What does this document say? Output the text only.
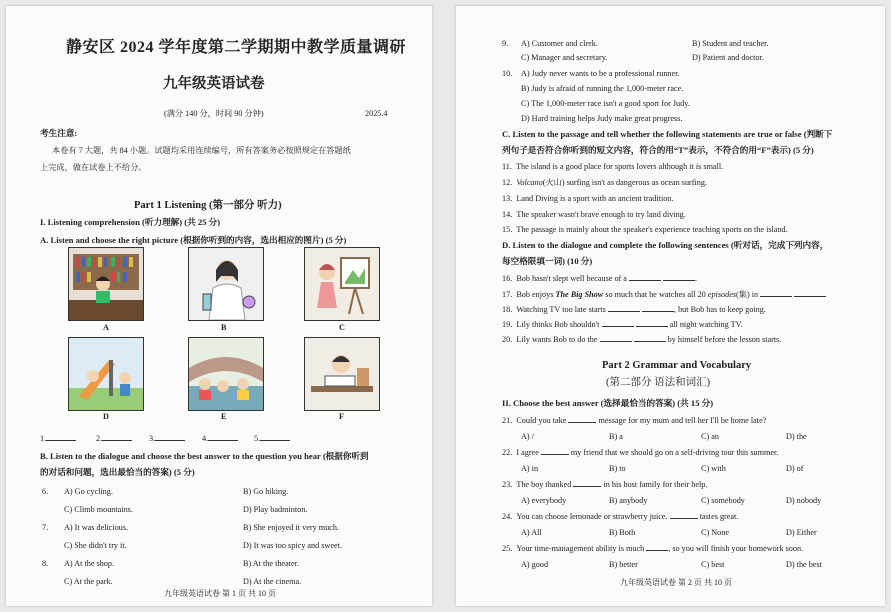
静安区 2024 学年度第二学期期中教学质量调研
九年级英语试卷
(满分 140 分，时间 90 分钟)	2025.4
考生注意:
本卷有 7 大题，共 84 小题。试题均采用连续编号，所有答案务必按照规定在答题纸
上完成，做在试卷上不给分。
Part 1 Listening (第一部分 听力)
I. Listening comprehension (听力理解) (共 25 分)
A. Listen and choose the right picture (根据你听到的内容，选出相应的图片) (5 分)
A	B	C
D	E	F
1.	2.	3.	4.	5.
B. Listen to the dialogue and choose the best answer to the question you hear (根据你听到
的对话和问题，选出最恰当的答案) (5 分)
6. A) Go cycling.	B) Go hiking.
C) Climb mountains.	D) Play badminton.
7. A) It was delicious.	B) She enjoyed it very much.
C) She didn't try it.	D) It was too spicy and sweet.
8. A) At the shop.	B) At the theater.
C) At the park.	D) At the cinema.
九年级英语试卷 第 1 页 共 10 页
9. A) Customer and clerk.	B) Student and teacher.
C) Manager and secretary.	D) Patient and doctor.
10. A) Judy never wants to be a professional runner.
B) Judy is afraid of running the 1,000-meter race.
C) The 1,000-meter race isn't a good sport for Judy.
D) Hard training helps Judy make great progress.
C. Listen to the passage and tell whether the following statements are true or false (判断下
列句子是否符合你听到的短文内容，符合的用“T”表示，不符合的用“F”表示) (5 分)
11. The island is a good place for sports lovers although it is small.
12. Volcano(火山) surfing isn't as dangerous as ocean surfing.
13. Land Diving is a sport with an ancient tradition.
14. The speaker wasn't brave enough to try land diving.
15. The passage is mainly about the speaker's experience teaching sports on the island.
D. Listen to the dialogue and complete the following sentences (听对话，完成下列内容，
每空格限填一词) (10 分)
16. Bob hasn't slept well because of a	.
17. Bob enjoys The Big Show so much that he watches all 20 episodes(集) in
18. Watching TV too late starts	, but Bob has to keep going.
19. Lily thinks Bob shouldn't	all night watching TV.
20. Lily wants Bob to do the	by himself before the lesson starts.
Part 2 Grammar and Vocabulary
(第二部分 语法和词汇)
II. Choose the best answer (选择最恰当的答案) (共 15 分)
21. Could you take	message for my mum and tell her I'll be home late?
A) /	B) a	C) an	D) the
22. I agree	my friend that we should go on a self-driving tour this summer.
A) in	B) to	C) with	D) of
23. The boy thanked	in his host family for their help.
A) everybody	B) anybody	C) somebody	D) nobody
24. You can choose lemonade or strawberry juice.	tastes great.
A) All	B) Both	C) None	D) Either
25. Your time-management ability is much	, so you will finish your homework soon.
A) good	B) better	C) best	D) the best
九年级英语试卷 第 2 页 共 10 页
